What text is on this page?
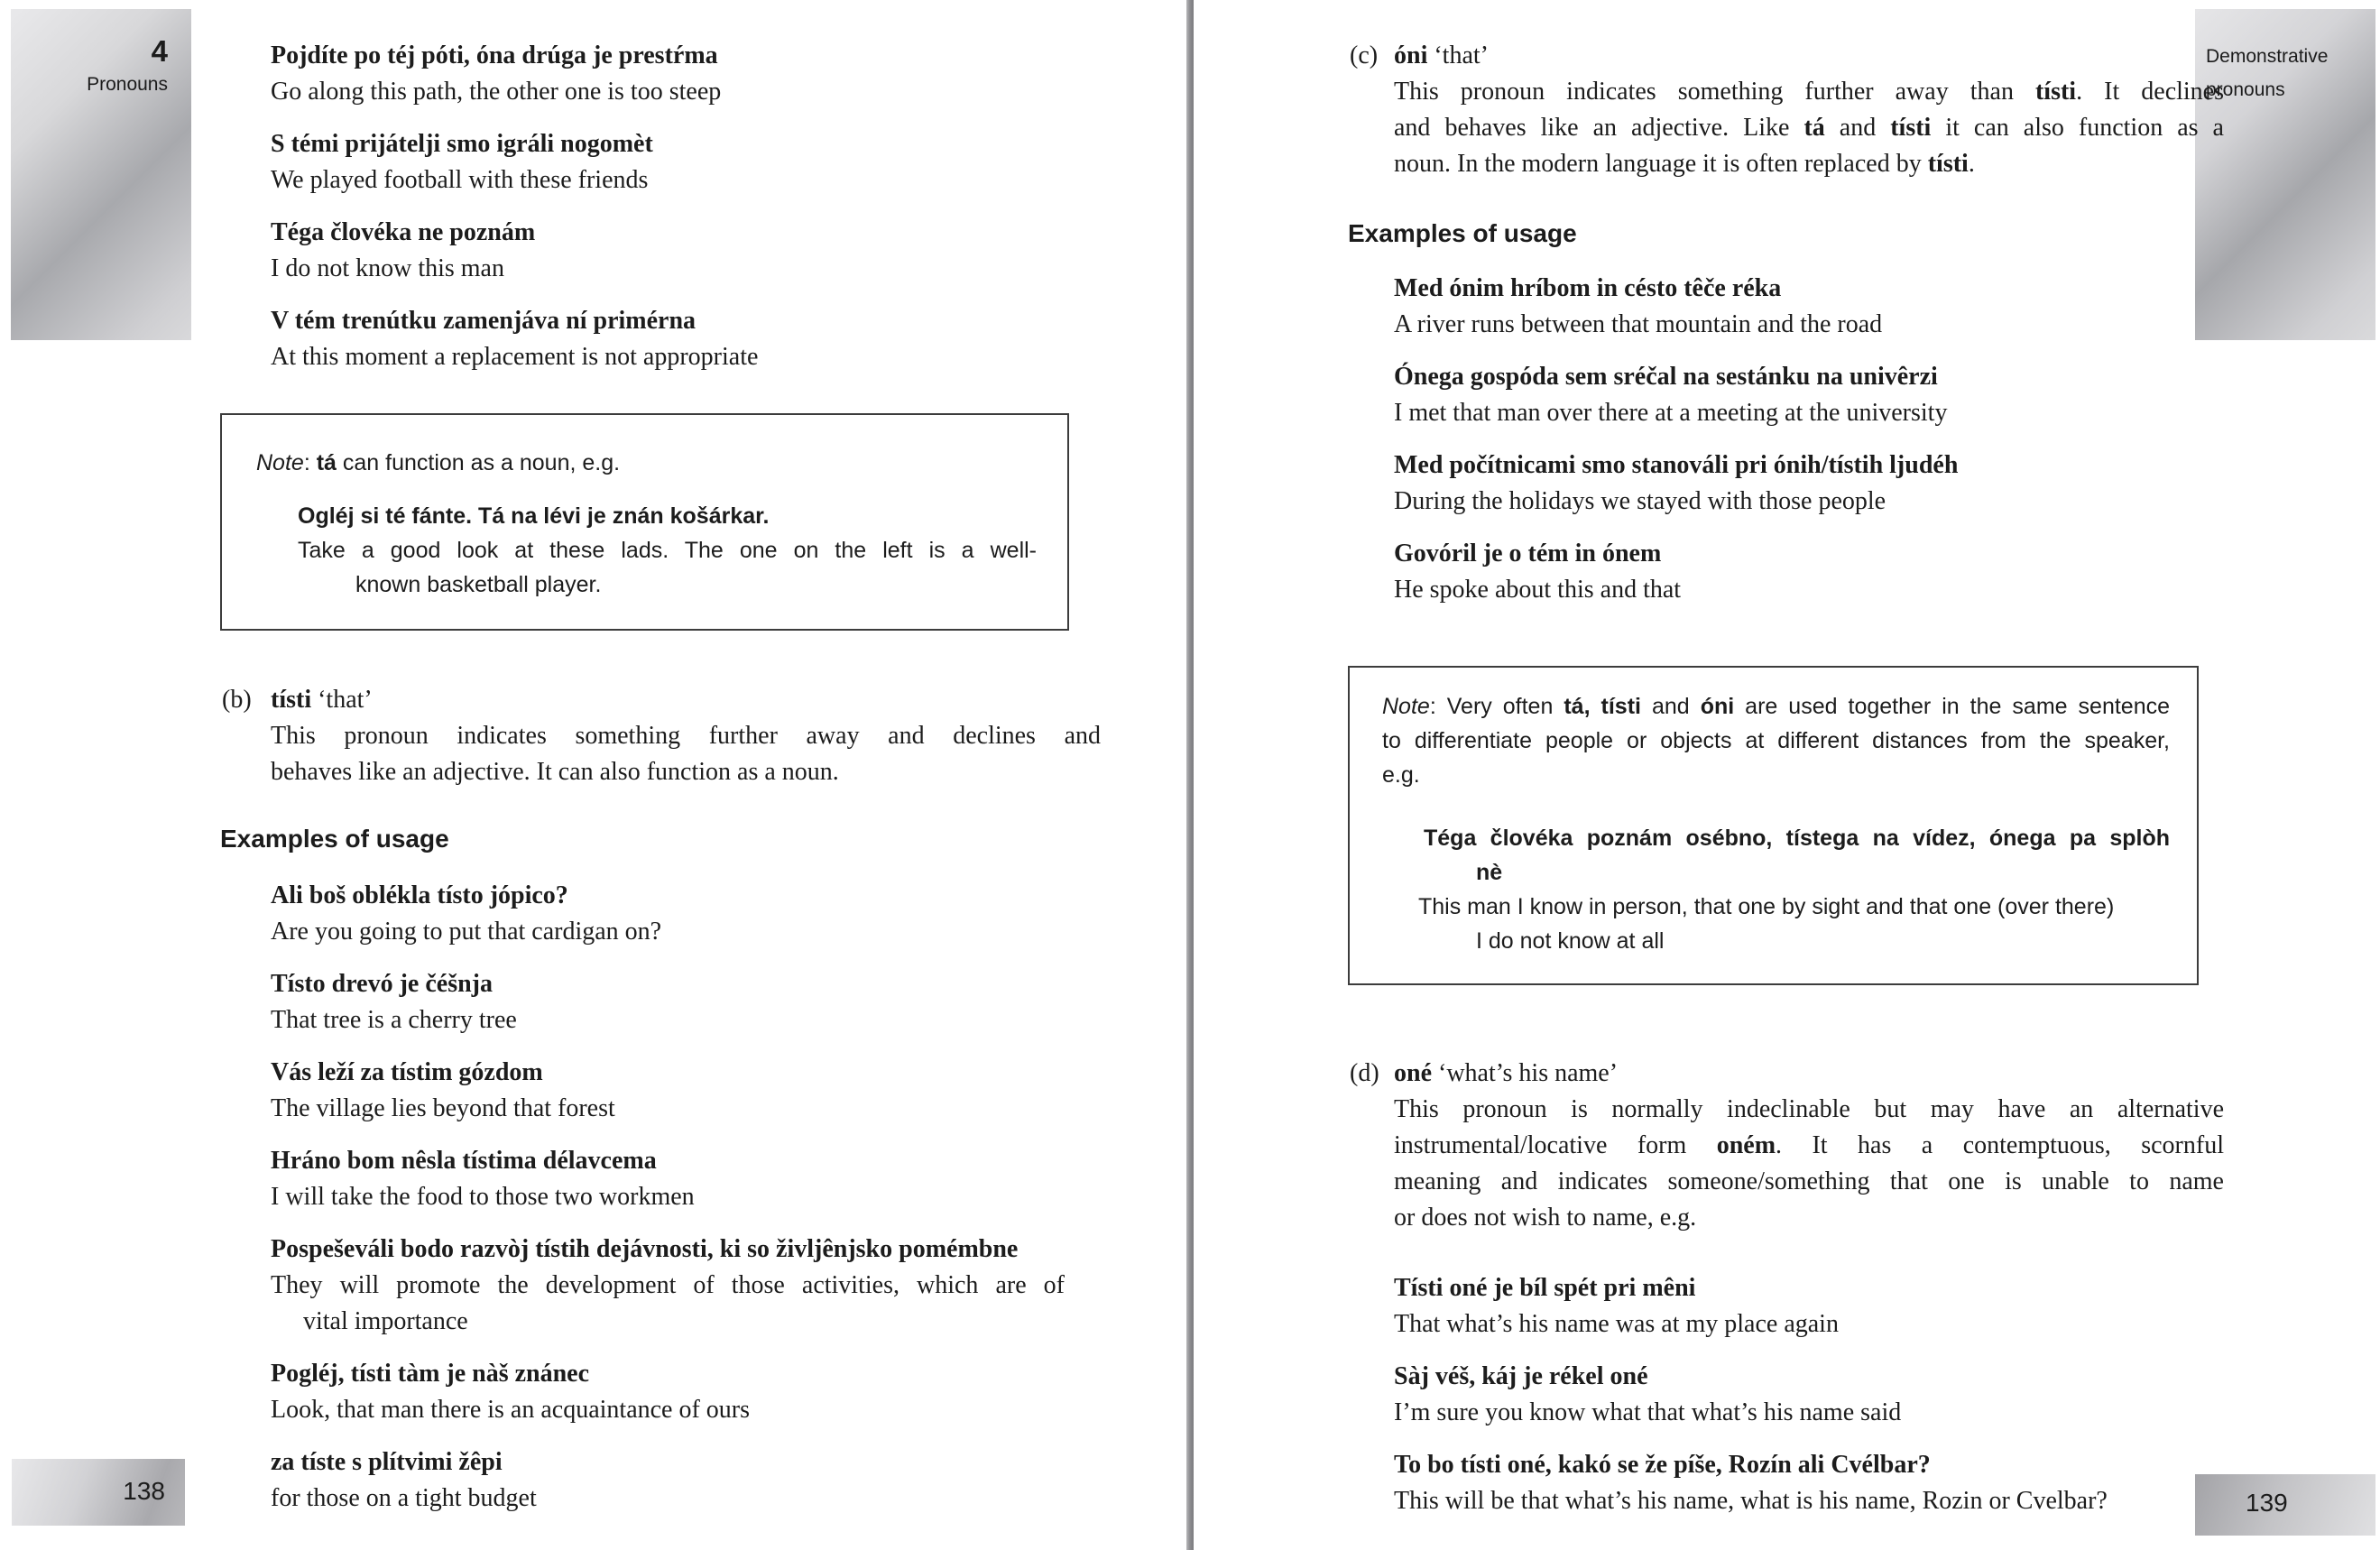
4
Pronouns
Demonstrative
pronouns
138	139
Pojdíte po téj póti, óna drúga je prestŕma
Go along this path, the other one is too steep
S témi prijátelji smo igráli nogomèt
We played football with these friends
Téga človéka ne poznám
I do not know this man
V tém trenútku zamenjáva ní primérna
At this moment a replacement is not appropriate
Note: tá can function as a noun, e.g.
Ogléj si té fánte. Tá na lévi je znán košárkar.
Take a good look at these lads. The one on the left is a well-
known basketball player.
(b) tísti ‘that’
This pronoun indicates something further away and declines and
behaves like an adjective. It can also function as a noun.
Examples of usage
Ali boš oblékla tísto jópico?
Are you going to put that cardigan on?
Tísto drevó je čéšnja
That tree is a cherry tree
Vás leží za tístim gózdom
The village lies beyond that forest
Hráno bom nêsla tístima délavcema
I will take the food to those two workmen
Pospeševáli bodo razvòj tístih dejávnosti, ki so življênjsko pomémbne
They will promote the development of those activities, which are of
vital importance
Pogléj, tísti tàm je nàš znánec
Look, that man there is an acquaintance of ours
za tíste s plítvimi žêpi
for those on a tight budget
(c) óni ‘that’
This pronoun indicates something further away than tísti. It declines
and behaves like an adjective. Like tá and tísti it can also function as a
noun. In the modern language it is often replaced by tísti.
Examples of usage
Med ónim hríbom in césto têče réka
A river runs between that mountain and the road
Ónega gospóda sem sréčal na sestánku na univêrzi
I met that man over there at a meeting at the university
Med počítnicami smo stanováli pri ónih/tístih ljudéh
During the holidays we stayed with those people
Govóril je o tém in ónem
He spoke about this and that
Note: Very often tá, tísti and óni are used together in the same sentence
to differentiate people or objects at different distances from the speaker,
e.g.
Téga človéka poznám osébno, tístega na vídez, ónega pa splòh
nè
This man I know in person, that one by sight and that one (over there)
I do not know at all
(d) oné ‘what’s his name’
This pronoun is normally indeclinable but may have an alternative
instrumental/locative form oném. It has a contemptuous, scornful
meaning and indicates someone/something that one is unable to name
or does not wish to name, e.g.
Tísti oné je bíl spét pri mêni
That what’s his name was at my place again
Sàj véš, káj je rékel oné
I’m sure you know what that what’s his name said
To bo tísti oné, kakó se že píše, Rozín ali Cvélbar?
This will be that what’s his name, what is his name, Rozin or Cvelbar?
